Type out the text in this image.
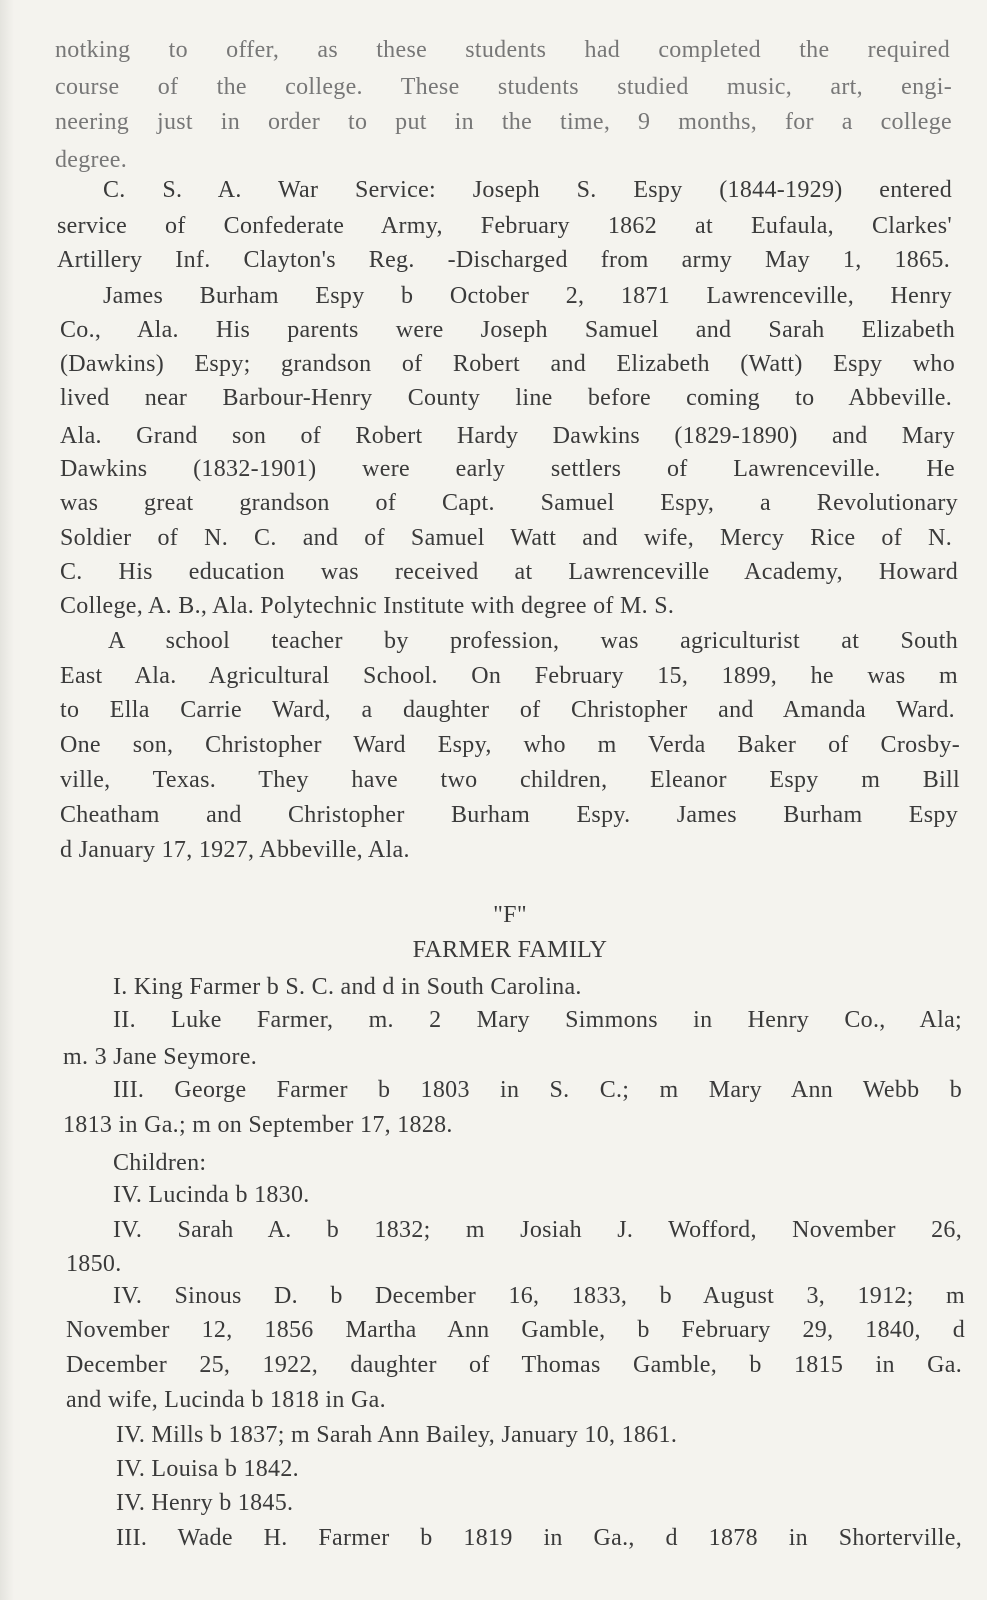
notking to offer, as these students had completed the required
course of the college. These students studied music, art, engi-
neering just in order to put in the time, 9 months, for a college
degree.
C. S. A. War Service: Joseph S. Espy (1844-1929) entered
service of Confederate Army, February 1862 at Eufaula, Clarkes'
Artillery Inf. Clayton's Reg. -Discharged from army May 1, 1865.
James Burham Espy b October 2, 1871 Lawrenceville, Henry
Co., Ala. His parents were Joseph Samuel and Sarah Elizabeth
(Dawkins) Espy; grandson of Robert and Elizabeth (Watt) Espy who
lived near Barbour-Henry County line before coming to Abbeville.
Ala. Grand son of Robert Hardy Dawkins (1829-1890) and Mary
Dawkins (1832-1901) were early settlers of Lawrenceville. He
was great grandson of Capt. Samuel Espy, a Revolutionary
Soldier of N. C. and of Samuel Watt and wife, Mercy Rice of N.
C. His education was received at Lawrenceville Academy, Howard
College, A. B., Ala. Polytechnic Institute with degree of M. S.
A school teacher by profession, was agriculturist at South
East Ala. Agricultural School. On February 15, 1899, he was m
to Ella Carrie Ward, a daughter of Christopher and Amanda Ward.
One son, Christopher Ward Espy, who m Verda Baker of Crosby-
ville, Texas. They have two children, Eleanor Espy m Bill
Cheatham and Christopher Burham Espy. James Burham Espy
d January 17, 1927, Abbeville, Ala.
"F"
FARMER FAMILY
I. King Farmer b S. C. and d in South Carolina.
II. Luke Farmer, m. 2 Mary Simmons in Henry Co., Ala;
m. 3 Jane Seymore.
III. George Farmer b 1803 in S. C.; m Mary Ann Webb b
1813 in Ga.; m on September 17, 1828.
Children:
IV. Lucinda b 1830.
IV. Sarah A. b 1832; m Josiah J. Wofford, November 26,
1850.
IV. Sinous D. b December 16, 1833, b August 3, 1912; m
November 12, 1856 Martha Ann Gamble, b February 29, 1840, d
December 25, 1922, daughter of Thomas Gamble, b 1815 in Ga.
and wife, Lucinda b 1818 in Ga.
IV. Mills b 1837; m Sarah Ann Bailey, January 10, 1861.
IV. Louisa b 1842.
IV. Henry b 1845.
III. Wade H. Farmer b 1819 in Ga., d 1878 in Shorterville,
